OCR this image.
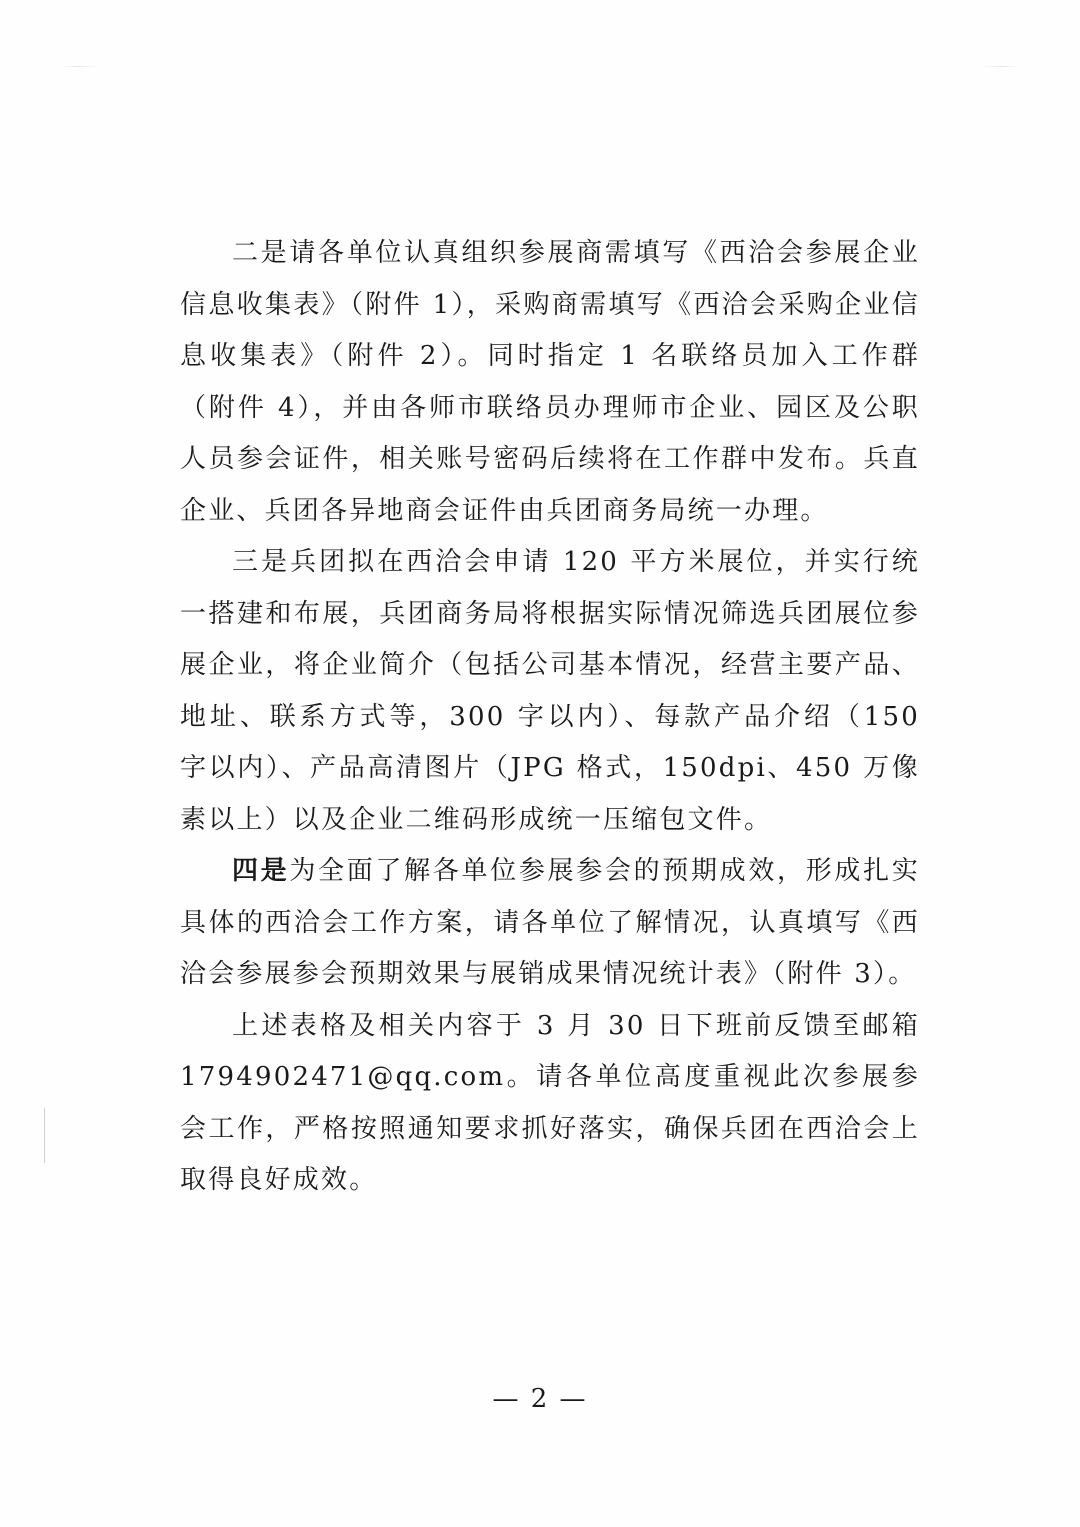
二是请各单位认真组织参展商需填写《西洽会参展企业信息收集表》（附件 1），采购商需填写《西洽会采购企业信息收集表》（附件 2）。同时指定 1 名联络员加入工作群（附件 4），并由各师市联络员办理师市企业、园区及公职人员参会证件，相关账号密码后续将在工作群中发布。兵直企业、兵团各异地商会证件由兵团商务局统一办理。

三是兵团拟在西洽会申请 120 平方米展位，并实行统一搭建和布展，兵团商务局将根据实际情况筛选兵团展位参展企业，将企业简介（包括公司基本情况，经营主要产品、地址、联系方式等，300 字以内）、每款产品介绍（150 字以内）、产品高清图片（JPG 格式，150dpi、450 万像素以上）以及企业二维码形成统一压缩包文件。

四是为全面了解各单位参展参会的预期成效，形成扎实具体的西洽会工作方案，请各单位了解情况，认真填写《西洽会参展参会预期效果与展销成果情况统计表》（附件 3）。

上述表格及相关内容于 3 月 30 日下班前反馈至邮箱 1794902471@qq.com。请各单位高度重视此次参展参会工作，严格按照通知要求抓好落实，确保兵团在西洽会上取得良好成效。

— 2 —
